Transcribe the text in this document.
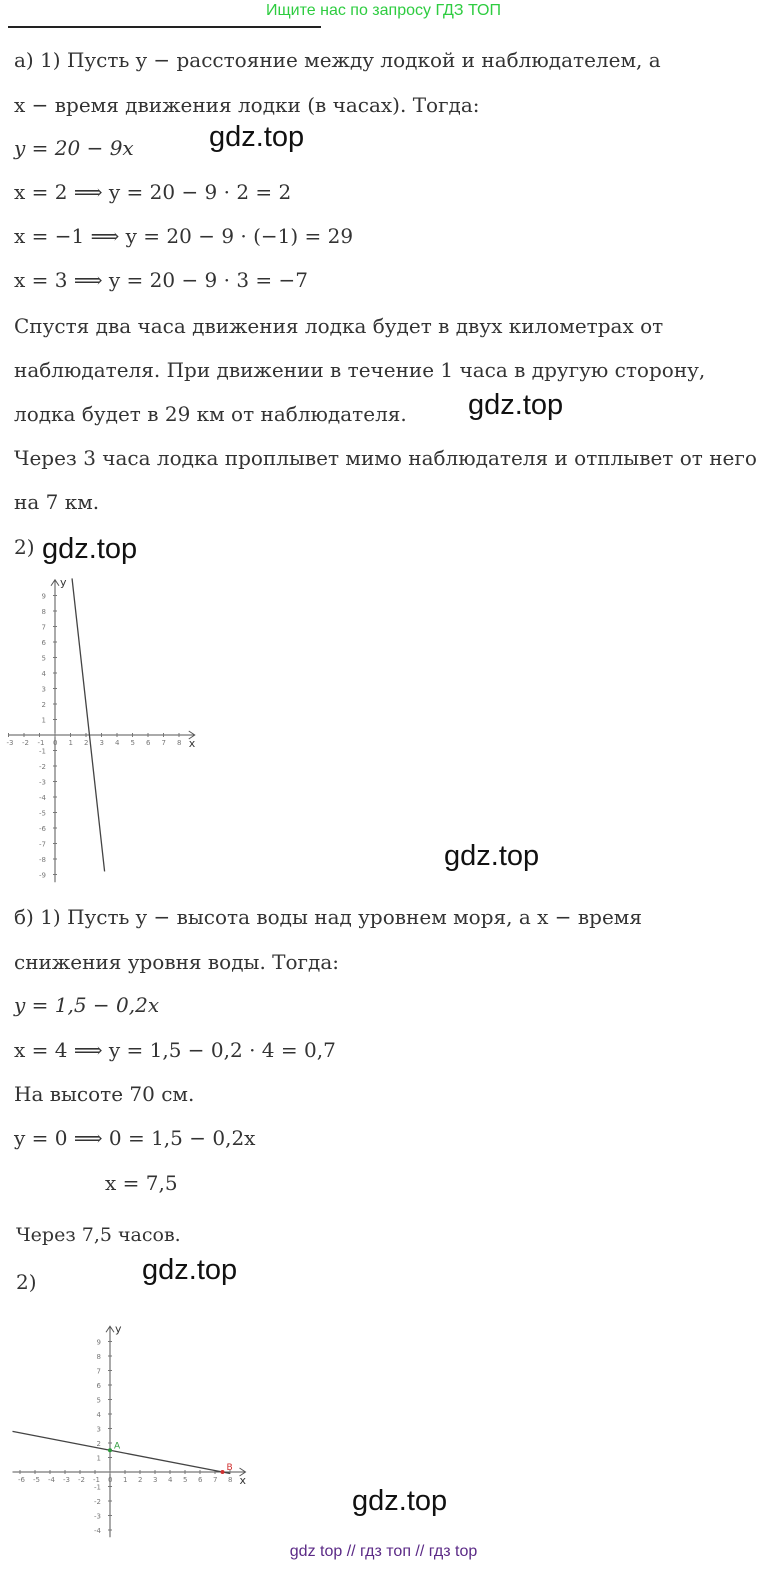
Ищите нас по запросу ГДЗ ТОП
а) 1) Пусть y − расстояние между лодкой и наблюдателем, а
x − время движения лодки (в часах). Тогда:
y = 20 − 9x
x = 2 ⟹ y = 20 − 9 · 2 = 2
x = −1 ⟹ y = 20 − 9 · (−1) = 29
x = 3 ⟹ y = 20 − 9 · 3 = −7
Спустя два часа движения лодка будет в двух километрах от
наблюдателя. При движении в течение 1 часа в другую сторону,
лодка будет в 29 км от наблюдателя.
Через 3 часа лодка проплывет мимо наблюдателя и отплывет от него
на 7 км.
2)
gdz.top
gdz.top
gdz.top
gdz.top
x
y
-3 -2 -1 0 1 2 3 4 5 6 7 8
-9
-8
-7
-6
-5
-4
-3
-2
-1
1
2
3
4
5
6
7
8
9
б) 1) Пусть y − высота воды над уровнем моря, а x − время
снижения уровня воды. Тогда:
y = 1,5 − 0,2x
x = 4 ⟹ y = 1,5 − 0,2 · 4 = 0,7
На высоте 70 см.
y = 0 ⟹ 0 = 1,5 − 0,2x
x = 7,5
Через 7,5 часов.
2)	gdz.top
gdz.top
x
y
-6 -5 -4 -3 -2 -1 0 1 2 3 4 5 6 7 8
-4
-3
-2
-1
1
2
3
4
5
6
7
8
9
A
B
gdz top // гдз топ // гдз top
